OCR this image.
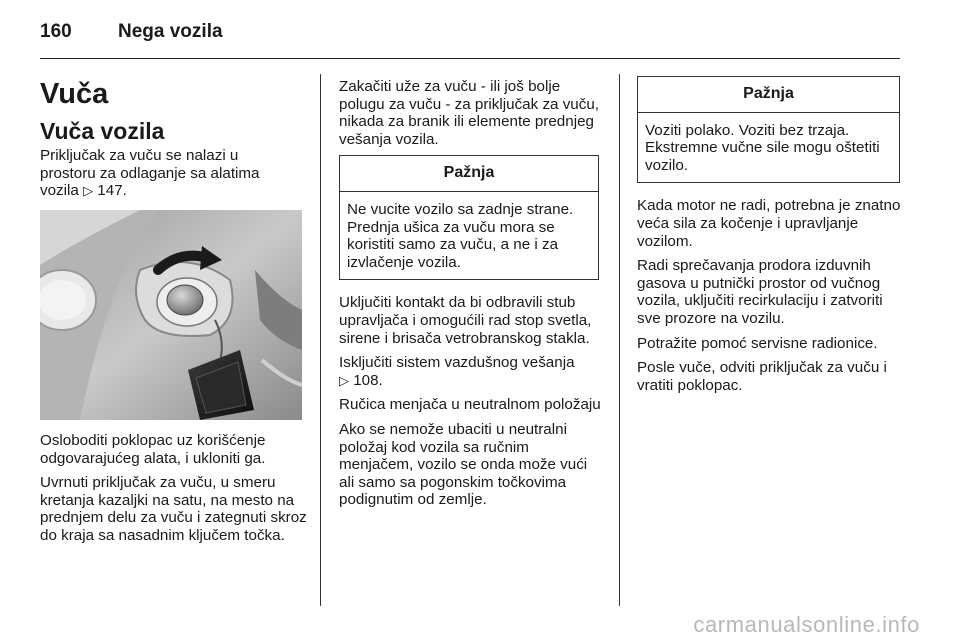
160 Nega vozila
Vuča
Vuča vozila
Priključak za vuču se nalazi u prostoru za odlaganje sa alatima vozila ▷ 147.

Osloboditi poklopac uz korišćenje odgovarajućeg alata, i ukloniti ga.

Uvrnuti priključak za vuču, u smeru kretanja kazaljki na satu, na mesto na prednjem delu za vuču i zategnuti skroz do kraja sa nasadnim ključem točka.

Zakačiti uže za vuču - ili još bolje polugu za vuču - za priključak za vuču, nikada za branik ili elemente prednjeg vešanja vozila.

Pažnja
Ne vucite vozilo sa zadnje strane. Prednja ušica za vuču mora se koristiti samo za vuču, a ne i za izvlačenje vozila.

Uključiti kontakt da bi odbravili stub upravljača i omogućili rad stop svetla, sirene i brisača vetrobranskog stakla.

Isključiti sistem vazdušnog vešanja
▷ 108.

Ručica menjača u neutralnom položaju

Ako se nemože ubaciti u neutralni položaj kod vozila sa ručnim menjačem, vozilo se onda može vući ali samo sa pogonskim točkovima podignutim od zemlje.

Pažnja
Voziti polako. Voziti bez trzaja. Ekstremne vučne sile mogu oštetiti vozilo.

Kada motor ne radi, potrebna je znatno veća sila za kočenje i upravljanje vozilom.

Radi sprečavanja prodora izduvnih gasova u putnički prostor od vučnog vozila, uključiti recirkulaciju i zatvoriti sve prozore na vozilu.

Potražite pomoć servisne radionice.

Posle vuče, odviti priključak za vuču i vratiti poklopac.

carmanualsonline.info
